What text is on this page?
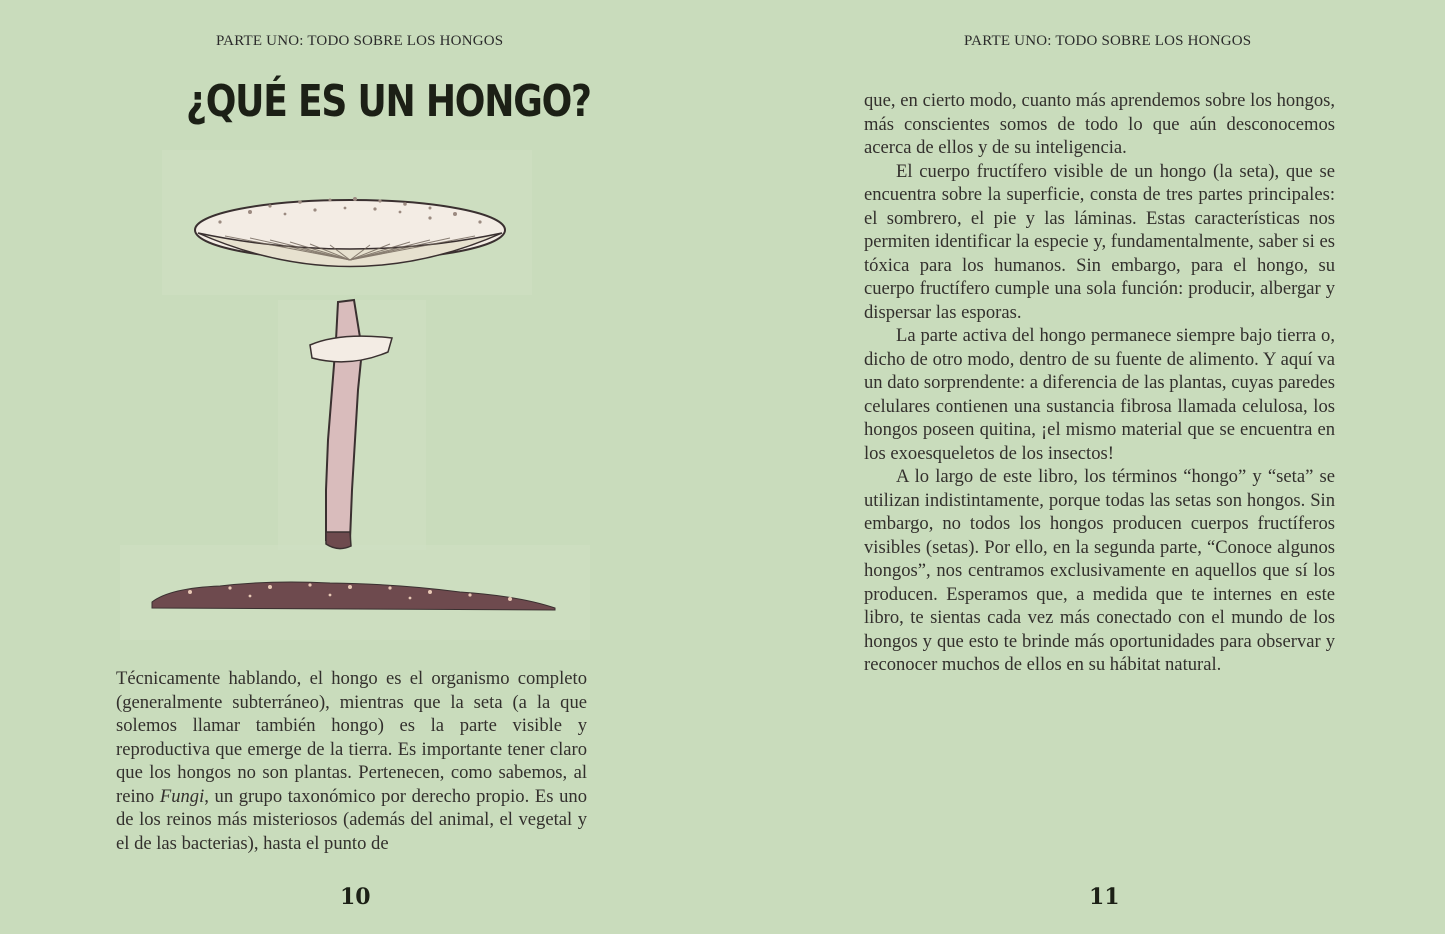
PARTE UNO: TODO SOBRE LOS HONGOS
¿QUÉ ES UN HONGO?

Técnicamente hablando, el hongo es el organismo completo (generalmente subterráneo), mientras que la seta (a la que solemos llamar también hongo) es la parte visible y reproductiva que emerge de la tierra. Es importante tener claro que los hongos no son plantas. Pertenecen, como sabemos, al reino Fungi, un grupo taxonómico por derecho propio. Es uno de los reinos más misteriosos (además del animal, el vegetal y el de las bacterias), hasta el punto de

10
PARTE UNO: TODO SOBRE LOS HONGOS

que, en cierto modo, cuanto más aprendemos sobre los hongos, más conscientes somos de todo lo que aún desconocemos acerca de ellos y de su inteligencia.

El cuerpo fructífero visible de un hongo (la seta), que se encuentra sobre la superficie, consta de tres partes principales: el sombrero, el pie y las láminas. Estas características nos permiten identificar la especie y, fundamentalmente, saber si es tóxica para los humanos. Sin embargo, para el hongo, su cuerpo fructífero cumple una sola función: producir, albergar y dispersar las esporas.

La parte activa del hongo permanece siempre bajo tierra o, dicho de otro modo, dentro de su fuente de alimento. Y aquí va un dato sorprendente: a diferencia de las plantas, cuyas paredes celulares contienen una sustancia fibrosa llamada celulosa, los hongos poseen quitina, ¡el mismo material que se encuentra en los exoesqueletos de los insectos!

A lo largo de este libro, los términos “hongo” y “seta” se utilizan indistintamente, porque todas las setas son hongos. Sin embargo, no todos los hongos producen cuerpos fructíferos visibles (setas). Por ello, en la segunda parte, “Conoce algunos hongos”, nos centramos exclusivamente en aquellos que sí los producen. Esperamos que, a medida que te internes en este libro, te sientas cada vez más conectado con el mundo de los hongos y que esto te brinde más oportunidades para observar y reconocer muchos de ellos en su hábitat natural.

11
